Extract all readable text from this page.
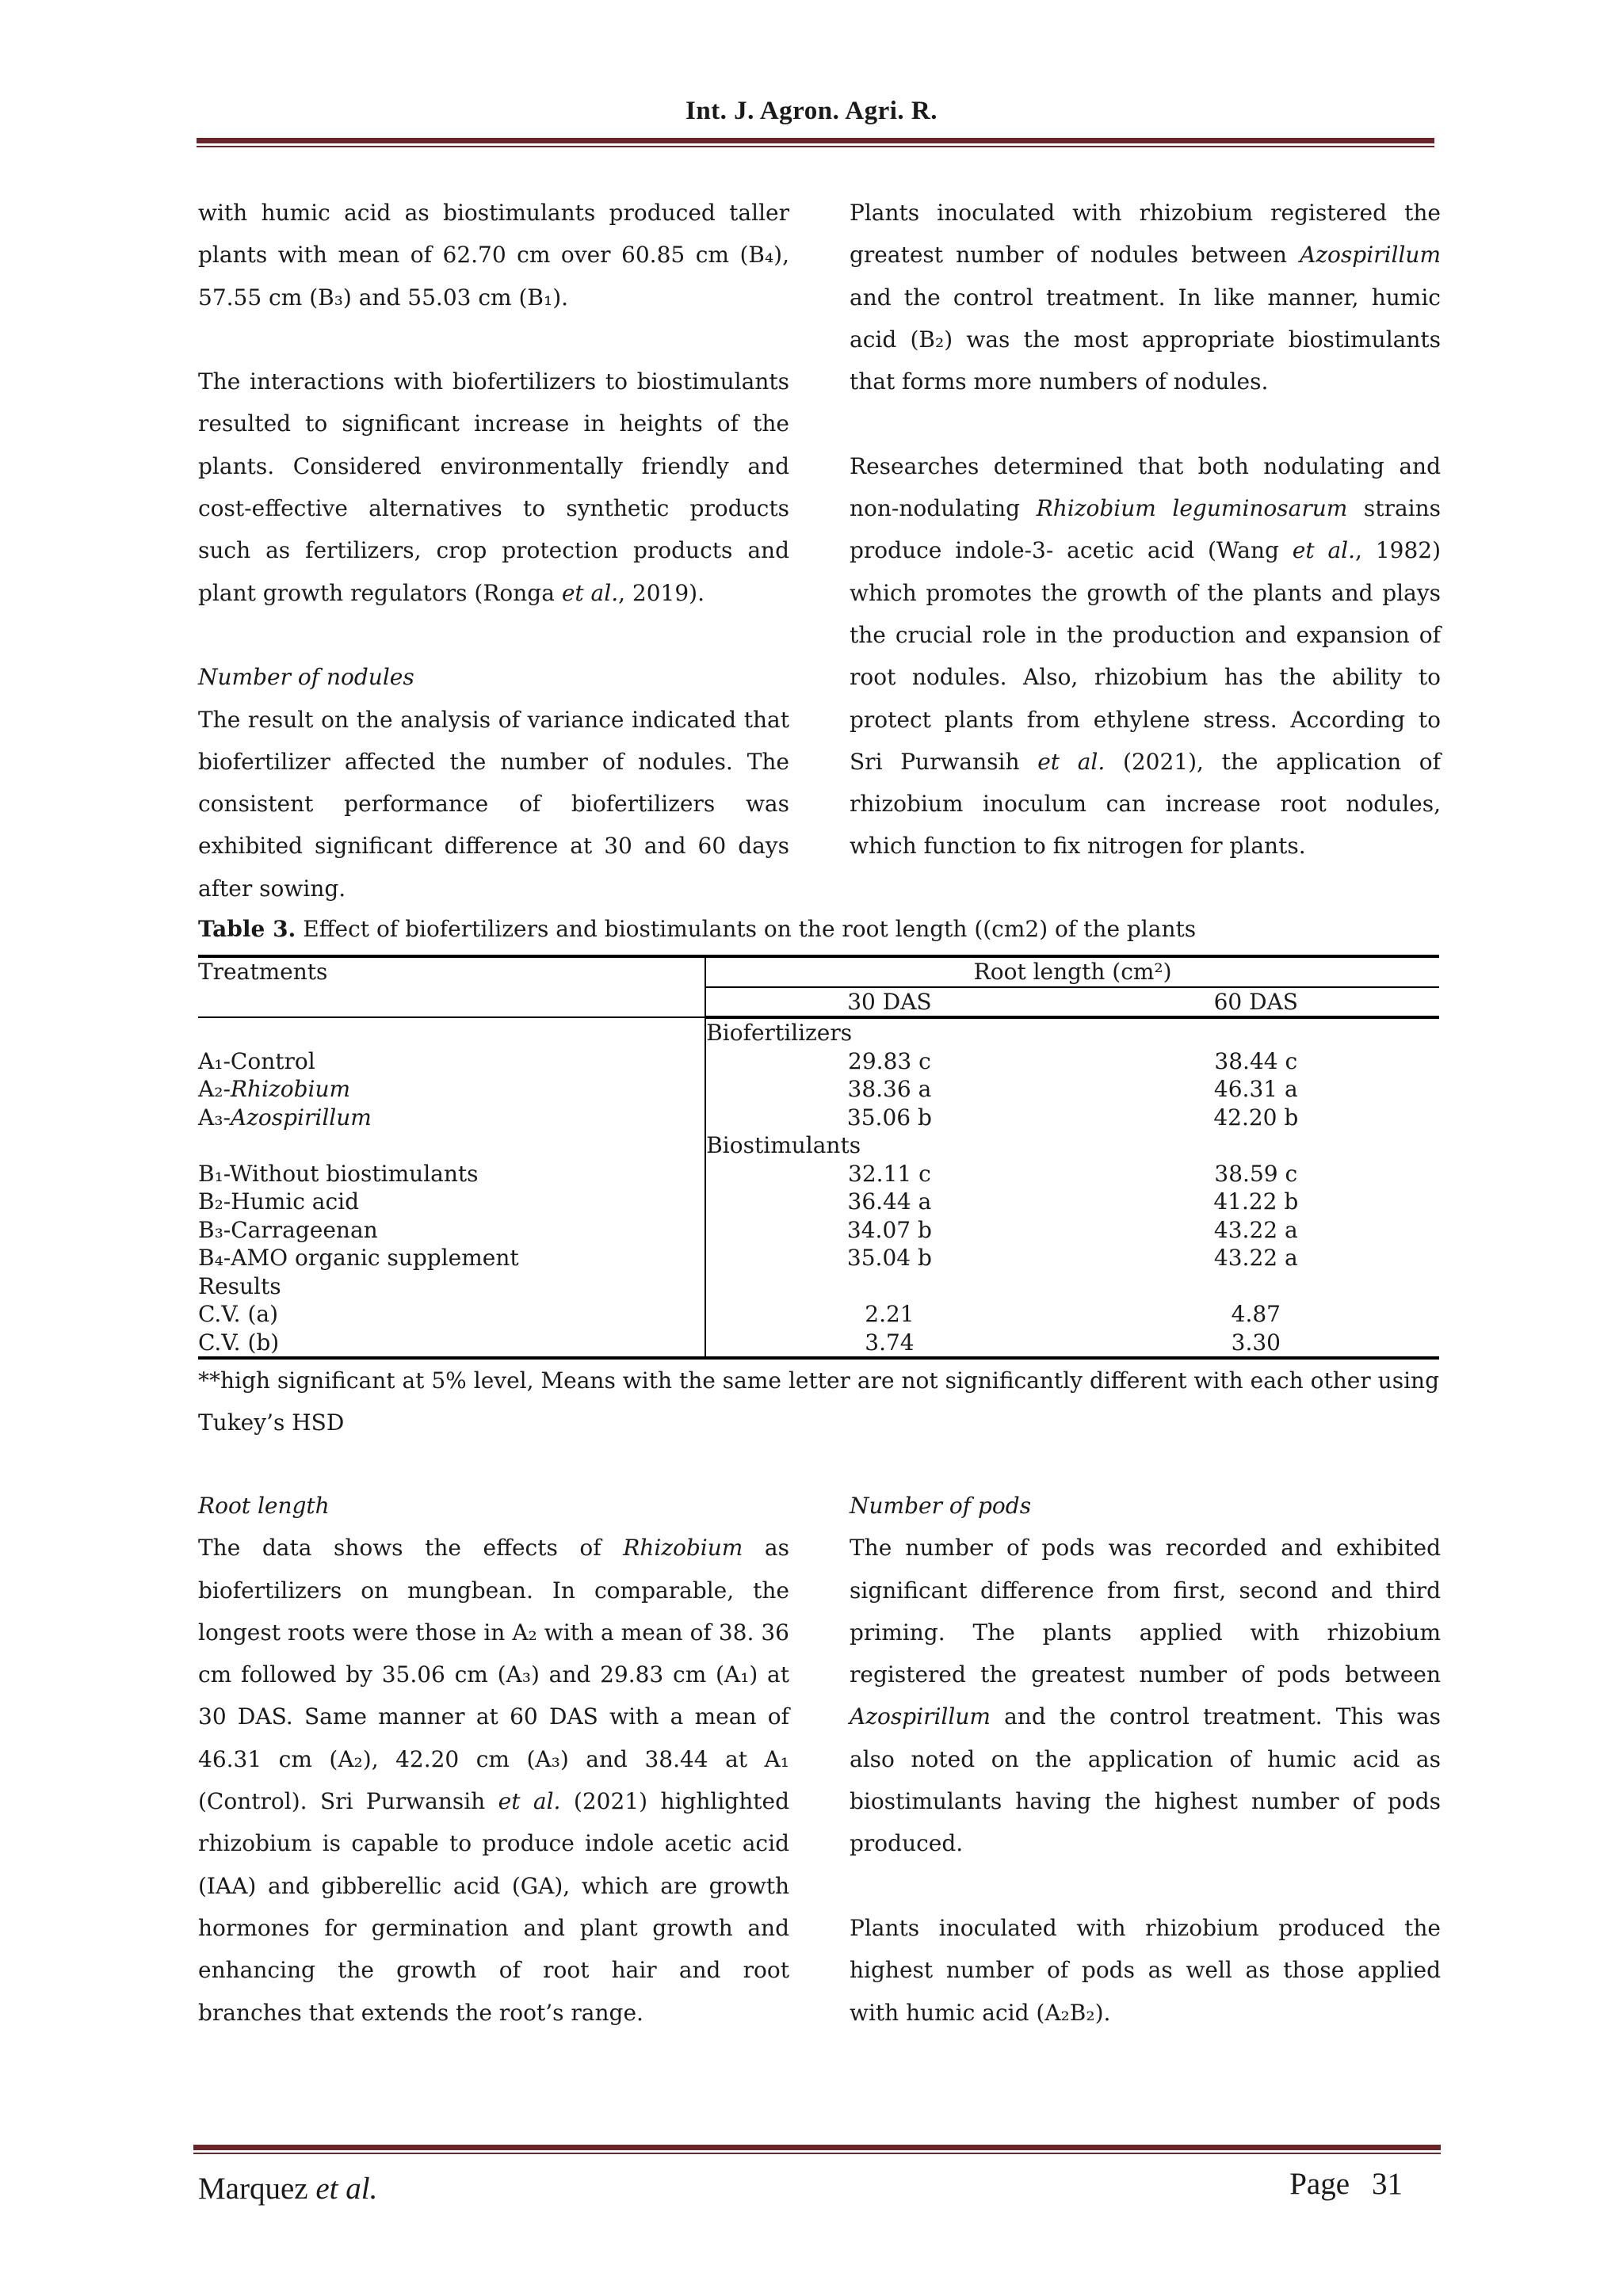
Int. J. Agron. Agri. R.

with humic acid as biostimulants produced taller plants with mean of 62.70 cm over 60.85 cm (B₄), 57.55 cm (B₃) and 55.03 cm (B₁).

The interactions with biofertilizers to biostimulants resulted to significant increase in heights of the plants. Considered environmentally friendly and cost-effective alternatives to synthetic products such as fertilizers, crop protection products and plant growth regulators (Ronga et al., 2019).

Number of nodules

The result on the analysis of variance indicated that biofertilizer affected the number of nodules. The consistent performance of biofertilizers was exhibited significant difference at 30 and 60 days after sowing.

Plants inoculated with rhizobium registered the greatest number of nodules between Azospirillum and the control treatment. In like manner, humic acid (B₂) was the most appropriate biostimulants that forms more numbers of nodules.

Researches determined that both nodulating and non-nodulating Rhizobium leguminosarum strains produce indole-3- acetic acid (Wang et al., 1982) which promotes the growth of the plants and plays the crucial role in the production and expansion of root nodules. Also, rhizobium has the ability to protect plants from ethylene stress. According to Sri Purwansih et al. (2021), the application of rhizobium inoculum can increase root nodules, which function to fix nitrogen for plants.

Table 3. Effect of biofertilizers and biostimulants on the root length ((cm2) of the plants
Treatments	Root length (cm²)	
	30 DAS	60 DAS
	Biofertilizers	
A₁-Control	29.83 c	38.44 c
A₂-Rhizobium	38.36 a	46.31 a
A₃-Azospirillum	35.06 b	42.20 b
	Biostimulants	
B₁-Without biostimulants	32.11 c	38.59 c
B₂-Humic acid	36.44 a	41.22 b
B₃-Carrageenan	34.07 b	43.22 a
B₄-AMO organic supplement	35.04 b	43.22 a
Results		
C.V. (a)	2.21	4.87
C.V. (b)	3.74	3.30
**high significant at 5% level, Means with the same letter are not significantly different with each other using Tukey’s HSD

Root length

The data shows the effects of Rhizobium as biofertilizers on mungbean. In comparable, the longest roots were those in A₂ with a mean of 38. 36 cm followed by 35.06 cm (A₃) and 29.83 cm (A₁) at 30 DAS. Same manner at 60 DAS with a mean of 46.31 cm (A₂), 42.20 cm (A₃) and 38.44 at A₁ (Control). Sri Purwansih et al. (2021) highlighted rhizobium is capable to produce indole acetic acid (IAA) and gibberellic acid (GA), which are growth hormones for germination and plant growth and enhancing the growth of root hair and root branches that extends the root’s range.

Number of pods

The number of pods was recorded and exhibited significant difference from first, second and third priming. The plants applied with rhizobium registered the greatest number of pods between Azospirillum and the control treatment. This was also noted on the application of humic acid as biostimulants having the highest number of pods produced.

Plants inoculated with rhizobium produced the highest number of pods as well as those applied with humic acid (A₂B₂).

Marquez et al.	Page 31
